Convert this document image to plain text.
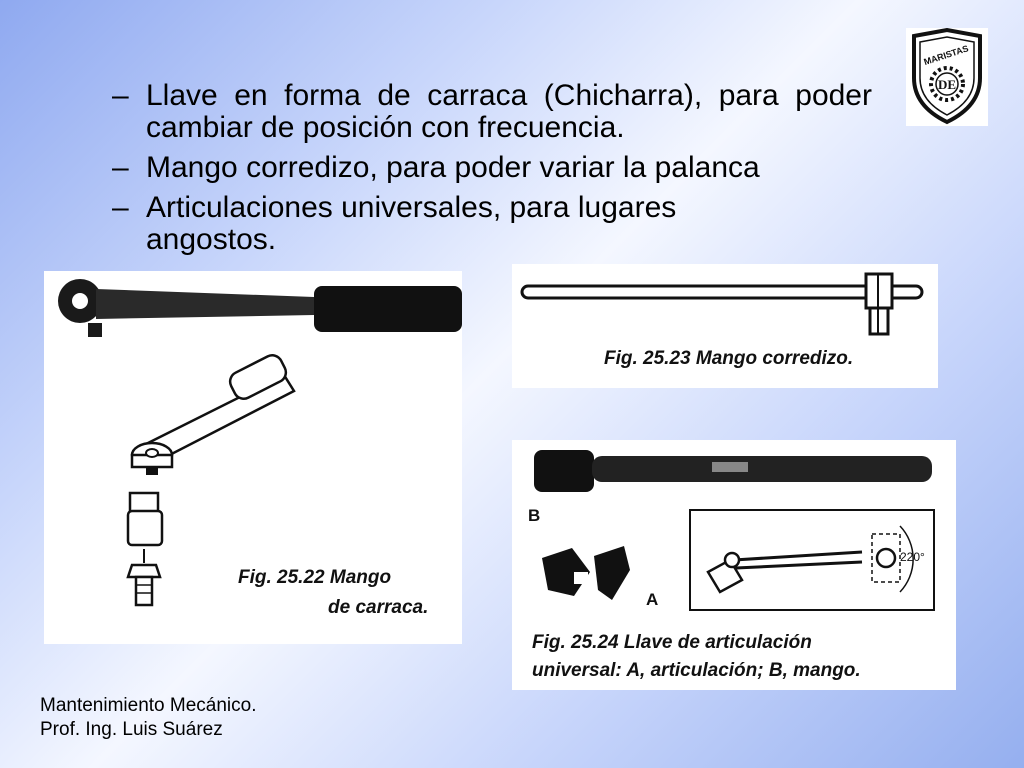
– Llave en forma de carraca (Chicharra), para poder cambiar de posición con frecuencia.
– Mango corredizo, para poder variar la palanca
– Articulaciones universales, para lugares angostos.
MARISTAS
DE
Fig. 25.22 Mango
de carraca.
Fig. 25.23 Mango corredizo.
B
A
220°
Fig. 25.24 Llave de articulación
universal: A, articulación; B, mango.
Mantenimiento Mecánico.
Prof. Ing. Luis Suárez
